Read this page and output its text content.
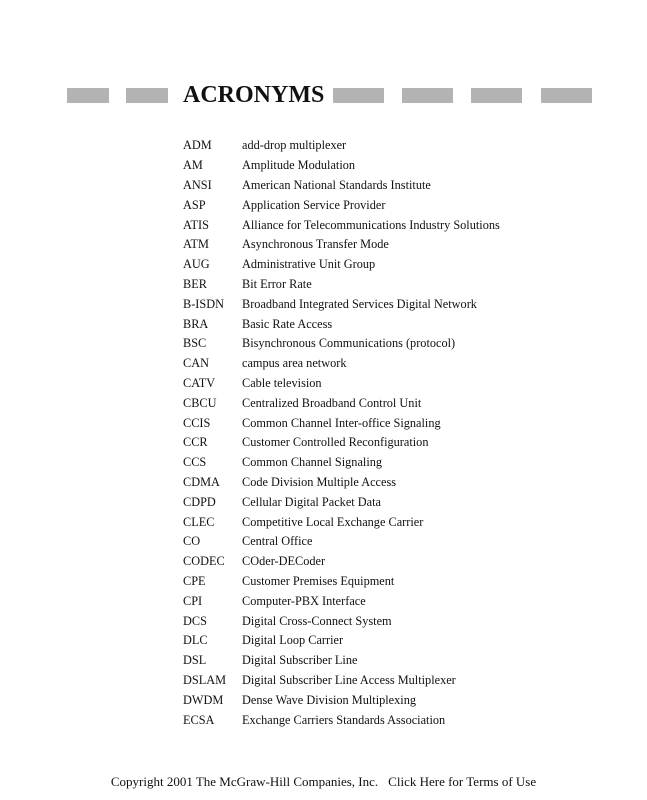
ACRONYMS
ADM	add-drop multiplexer
AM	Amplitude Modulation
ANSI	American National Standards Institute
ASP	Application Service Provider
ATIS	Alliance for Telecommunications Industry Solutions
ATM	Asynchronous Transfer Mode
AUG	Administrative Unit Group
BER	Bit Error Rate
B-ISDN	Broadband Integrated Services Digital Network
BRA	Basic Rate Access
BSC	Bisynchronous Communications (protocol)
CAN	campus area network
CATV	Cable television
CBCU	Centralized Broadband Control Unit
CCIS	Common Channel Inter-office Signaling
CCR	Customer Controlled Reconfiguration
CCS	Common Channel Signaling
CDMA	Code Division Multiple Access
CDPD	Cellular Digital Packet Data
CLEC	Competitive Local Exchange Carrier
CO	Central Office
CODEC	COder-DECoder
CPE	Customer Premises Equipment
CPI	Computer-PBX Interface
DCS	Digital Cross-Connect System
DLC	Digital Loop Carrier
DSL	Digital Subscriber Line
DSLAM	Digital Subscriber Line Access Multiplexer
DWDM	Dense Wave Division Multiplexing
ECSA	Exchange Carriers Standards Association
Copyright 2001 The McGraw-Hill Companies, Inc. Click Here for Terms of Use
